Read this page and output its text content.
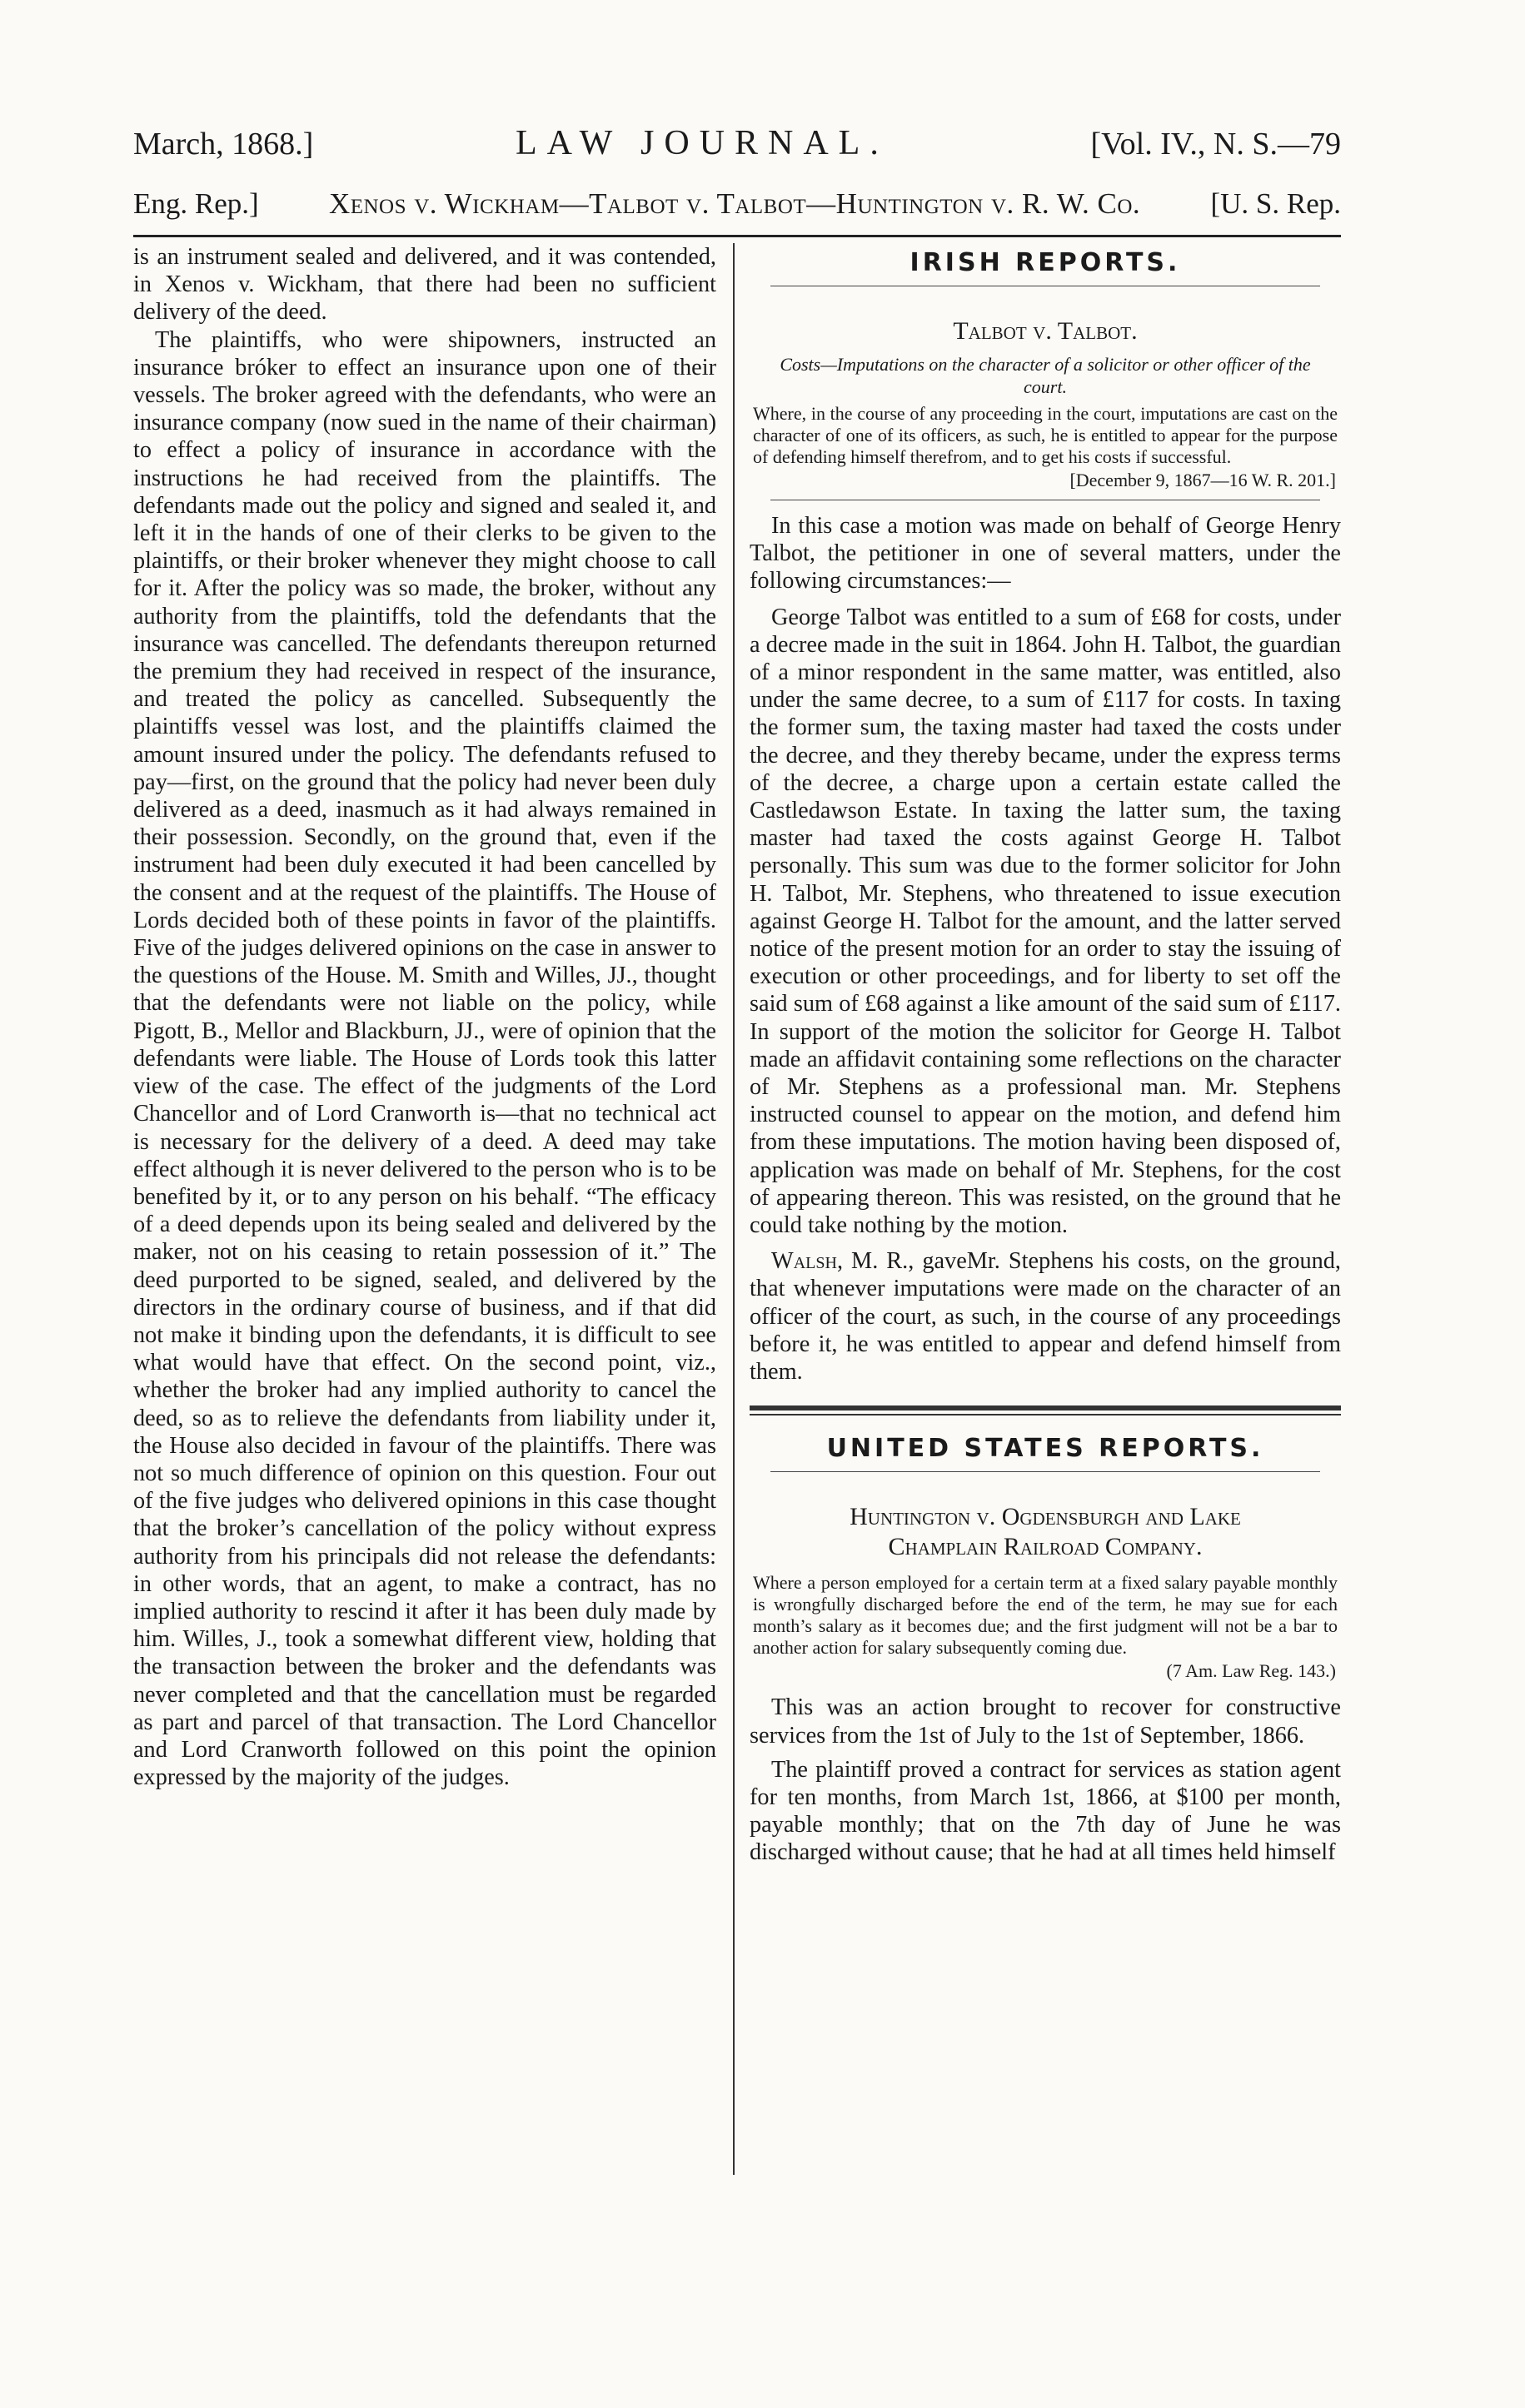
March, 1868.]	LAW JOURNAL.	[Vol. IV., N. S.—79
Eng. Rep.] Xenos v. Wickham—Talbot v. Talbot—Huntington v. R. W. Co. [U. S. Rep.

is an instrument sealed and delivered, and it was contended, in Xenos v. Wickham, that there had been no sufficient delivery of the deed.

The plaintiffs, who were shipowners, instructed an insurance bróker to effect an insurance upon one of their vessels. The broker agreed with the defendants, who were an insurance company (now sued in the name of their chairman) to effect a policy of insurance in accordance with the instructions he had received from the plaintiffs. The defendants made out the policy and signed and sealed it, and left it in the hands of one of their clerks to be given to the plaintiffs, or their broker whenever they might choose to call for it. After the policy was so made, the broker, without any authority from the plaintiffs, told the defendants that the insurance was cancelled. The defendants thereupon returned the premium they had received in respect of the insurance, and treated the policy as cancelled. Subsequently the plaintiffs vessel was lost, and the plaintiffs claimed the amount insured under the policy. The defendants refused to pay—first, on the ground that the policy had never been duly delivered as a deed, inasmuch as it had always remained in their possession. Secondly, on the ground that, even if the instrument had been duly executed it had been cancelled by the consent and at the request of the plaintiffs. The House of Lords decided both of these points in favor of the plaintiffs. Five of the judges delivered opinions on the case in answer to the questions of the House. M. Smith and Willes, JJ., thought that the defendants were not liable on the policy, while Pigott, B., Mellor and Blackburn, JJ., were of opinion that the defendants were liable. The House of Lords took this latter view of the case. The effect of the judgments of the Lord Chancellor and of Lord Cranworth is—that no technical act is necessary for the delivery of a deed. A deed may take effect although it is never delivered to the person who is to be benefited by it, or to any person on his behalf. “The efficacy of a deed depends upon its being sealed and delivered by the maker, not on his ceasing to retain possession of it.” The deed purported to be signed, sealed, and delivered by the directors in the ordinary course of business, and if that did not make it binding upon the defendants, it is difficult to see what would have that effect. On the second point, viz., whether the broker had any implied authority to cancel the deed, so as to relieve the defendants from liability under it, the House also decided in favour of the plaintiffs. There was not so much difference of opinion on this question. Four out of the five judges who delivered opinions in this case thought that the broker’s cancellation of the policy without express authority from his principals did not release the defendants: in other words, that an agent, to make a contract, has no implied authority to rescind it after it has been duly made by him. Willes, J., took a somewhat different view, holding that the transaction between the broker and the defendants was never completed and that the cancellation must be regarded as part and parcel of that transaction. The Lord Chancellor and Lord Cranworth followed on this point the opinion expressed by the majority of the judges.

IRISH REPORTS.
Talbot v. Talbot.
Costs—Imputations on the character of a solicitor or other officer of the court.
Where, in the course of any proceeding in the court, imputations are cast on the character of one of its officers, as such, he is entitled to appear for the purpose of defending himself therefrom, and to get his costs if successful.
[December 9, 1867—16 W. R. 201.]

In this case a motion was made on behalf of George Henry Talbot, the petitioner in one of several matters, under the following circumstances:—

George Talbot was entitled to a sum of £68 for costs, under a decree made in the suit in 1864. John H. Talbot, the guardian of a minor respondent in the same matter, was entitled, also under the same decree, to a sum of £117 for costs. In taxing the former sum, the taxing master had taxed the costs under the decree, and they thereby became, under the express terms of the decree, a charge upon a certain estate called the Castledawson Estate. In taxing the latter sum, the taxing master had taxed the costs against George H. Talbot personally. This sum was due to the former solicitor for John H. Talbot, Mr. Stephens, who threatened to issue execution against George H. Talbot for the amount, and the latter served notice of the present motion for an order to stay the issuing of execution or other proceedings, and for liberty to set off the said sum of £68 against a like amount of the said sum of £117. In support of the motion the solicitor for George H. Talbot made an affidavit containing some reflections on the character of Mr. Stephens as a professional man. Mr. Stephens instructed counsel to appear on the motion, and defend him from these imputations. The motion having been disposed of, application was made on behalf of Mr. Stephens, for the cost of appearing thereon. This was resisted, on the ground that he could take nothing by the motion.

Walsh, M. R., gaveMr. Stephens his costs, on the ground, that whenever imputations were made on the character of an officer of the court, as such, in the course of any proceedings before it, he was entitled to appear and defend himself from them.

UNITED STATES REPORTS.
Huntington v. Ogdensburgh and Lake
Champlain Railroad Company.
Where a person employed for a certain term at a fixed salary payable monthly is wrongfully discharged before the end of the term, he may sue for each month’s salary as it becomes due; and the first judgment will not be a bar to another action for salary subsequently coming due.
(7 Am. Law Reg. 143.)

This was an action brought to recover for constructive services from the 1st of July to the 1st of September, 1866.

The plaintiff proved a contract for services as station agent for ten months, from March 1st, 1866, at $100 per month, payable monthly; that on the 7th day of June he was discharged without cause; that he had at all times held himself
